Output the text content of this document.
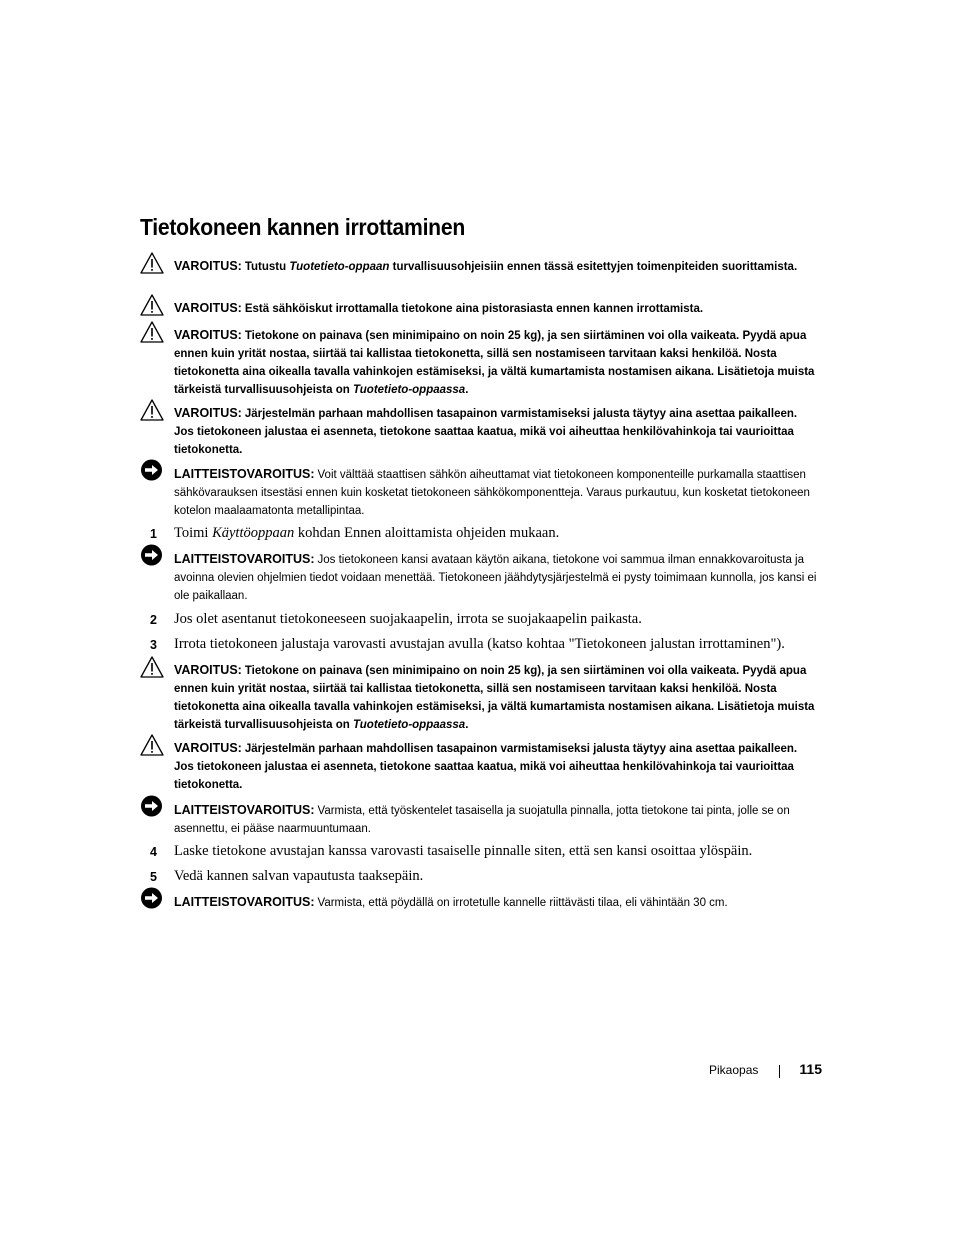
Tietokoneen kannen irrottaminen
VAROITUS: Tutustu Tuotetieto-oppaan turvallisuusohjeisiin ennen tässä esitettyjen toimenpiteiden suorittamista.
VAROITUS: Estä sähköiskut irrottamalla tietokone aina pistorasiasta ennen kannen irrottamista.
VAROITUS: Tietokone on painava (sen minimipaino on noin 25 kg), ja sen siirtäminen voi olla vaikeata. Pyydä apua ennen kuin yrität nostaa, siirtää tai kallistaa tietokonetta, sillä sen nostamiseen tarvitaan kaksi henkilöä. Nosta tietokonetta aina oikealla tavalla vahinkojen estämiseksi, ja vältä kumartamista nostamisen aikana. Lisätietoja muista tärkeistä turvallisuusohjeista on Tuotetieto-oppaassa.
VAROITUS: Järjestelmän parhaan mahdollisen tasapainon varmistamiseksi jalusta täytyy aina asettaa paikalleen. Jos tietokoneen jalustaa ei asenneta, tietokone saattaa kaatua, mikä voi aiheuttaa henkilövahinkoja tai vaurioittaa tietokonetta.
LAITTEISTOVAROITUS: Voit välttää staattisen sähkön aiheuttamat viat tietokoneen komponenteille purkamalla staattisen sähkövarauksen itsestäsi ennen kuin kosketat tietokoneen sähkökomponentteja. Varaus purkautuu, kun kosketat tietokoneen kotelon maalaamatonta metallipintaa.
1 Toimi Käyttöoppaan kohdan Ennen aloittamista ohjeiden mukaan.
LAITTEISTOVAROITUS: Jos tietokoneen kansi avataan käytön aikana, tietokone voi sammua ilman ennakkovaroitusta ja avoinna olevien ohjelmien tiedot voidaan menettää. Tietokoneen jäähdytysjärjestelmä ei pysty toimimaan kunnolla, jos kansi ei ole paikallaan.
2 Jos olet asentanut tietokoneeseen suojakaapelin, irrota se suojakaapelin paikasta.
3 Irrota tietokoneen jalustaja varovasti avustajan avulla (katso kohtaa "Tietokoneen jalustan irrottaminen").
VAROITUS: Tietokone on painava (sen minimipaino on noin 25 kg), ja sen siirtäminen voi olla vaikeata. Pyydä apua ennen kuin yrität nostaa, siirtää tai kallistaa tietokonetta, sillä sen nostamiseen tarvitaan kaksi henkilöä. Nosta tietokonetta aina oikealla tavalla vahinkojen estämiseksi, ja vältä kumartamista nostamisen aikana. Lisätietoja muista tärkeistä turvallisuusohjeista on Tuotetieto-oppaassa.
VAROITUS: Järjestelmän parhaan mahdollisen tasapainon varmistamiseksi jalusta täytyy aina asettaa paikalleen. Jos tietokoneen jalustaa ei asenneta, tietokone saattaa kaatua, mikä voi aiheuttaa henkilövahinkoja tai vaurioittaa tietokonetta.
LAITTEISTOVAROITUS: Varmista, että työskentelet tasaisella ja suojatulla pinnalla, jotta tietokone tai pinta, jolle se on asennettu, ei pääse naarmuuntumaan.
4 Laske tietokone avustajan kanssa varovasti tasaiselle pinnalle siten, että sen kansi osoittaa ylöspäin.
5 Vedä kannen salvan vapautusta taaksepäin.
LAITTEISTOVAROITUS: Varmista, että pöydällä on irrotetulle kannelle riittävästi tilaa, eli vähintään 30 cm.
Pikaopas	115
